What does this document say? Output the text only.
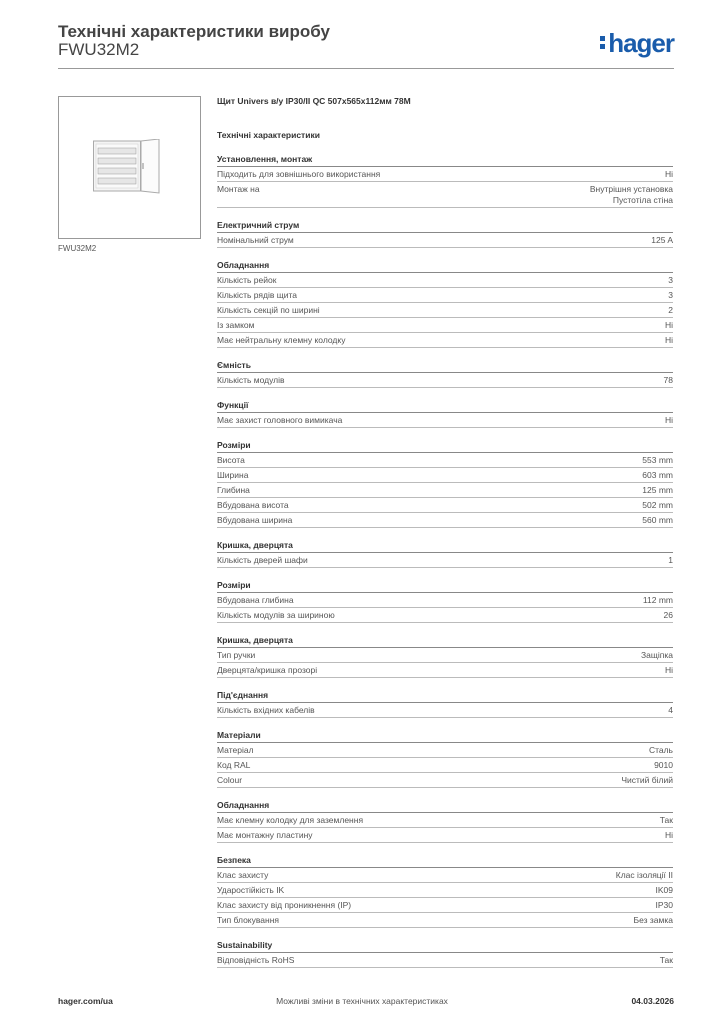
Технічні характеристики виробу
FWU32M2	hager
FWU32M2
Щит Univers в/у IP30/II QC 507x565x112мм 78M
Технічні характеристики
Установлення, монтаж
Підходить для зовнішнього використання	Ні
Монтаж на	Внутрішня установка
Пустотіла стіна
Електричний струм
Номінальний струм	125 A
Обладнання
Кількість рейок	3
Кількість рядів щита	3
Кількість секцій по ширині	2
Із замком	Ні
Має нейтральну клемну колодку	Ні
Ємність
Кількість модулів	78
Функції
Має захист головного вимикача	Ні
Розміри
Висота	553 mm
Ширина	603 mm
Глибина	125 mm
Вбудована висота	502 mm
Вбудована ширина	560 mm
Кришка, дверцята
Кількість дверей шафи	1
Розміри
Вбудована глибина	112 mm
Кількість модулів за шириною	26
Кришка, дверцята
Тип ручки	Защіпка
Дверцята/кришка прозорі	Ні
Під'єднання
Кількість вхідних кабелів	4
Матеріали
Матеріал	Сталь
Код RAL	9010
Colour	Чистий білий
Обладнання
Має клемну колодку для заземлення	Так
Має монтажну пластину	Ні
Безпека
Клас захисту	Клас ізоляції II
Ударостійкість IK	IK09
Клас захисту від проникнення (IP)	IP30
Тип блокування	Без замка
Sustainability
Відповідність RoHS	Так
hager.com/ua	Можливі зміни в технічних характеристиках	04.03.2026
